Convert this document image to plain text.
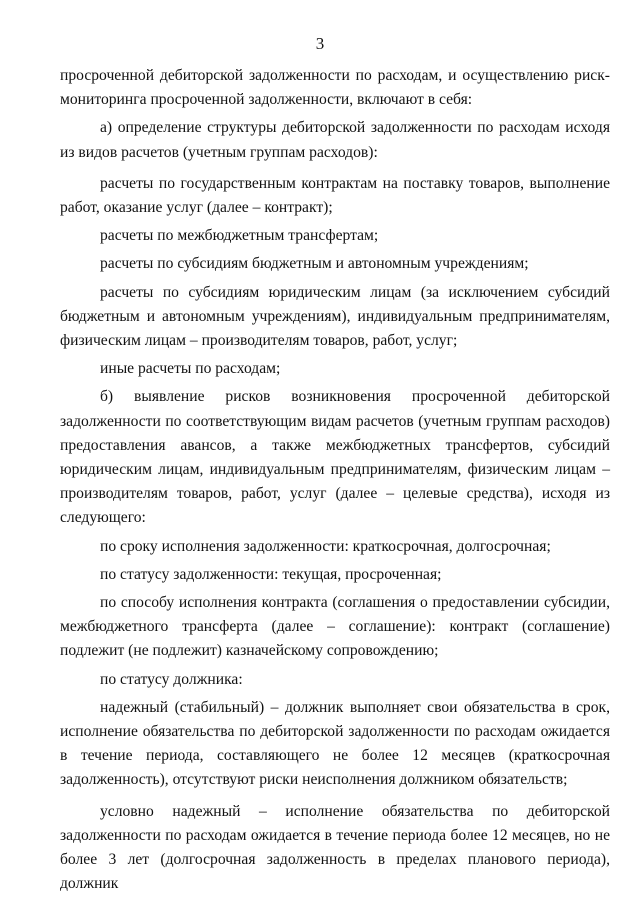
3

просроченной дебиторской задолженности по расходам, и осуществлению риск-мониторинга просроченной задолженности, включают в себя:

а) определение структуры дебиторской задолженности по расходам исходя из видов расчетов (учетным группам расходов):

расчеты по государственным контрактам на поставку товаров, выполнение работ, оказание услуг (далее – контракт);

расчеты по межбюджетным трансфертам;

расчеты по субсидиям бюджетным и автономным учреждениям;

расчеты по субсидиям юридическим лицам (за исключением субсидий бюджетным и автономным учреждениям), индивидуальным предпринимателям, физическим лицам – производителям товаров, работ, услуг;

иные расчеты по расходам;

б) выявление рисков возникновения просроченной дебиторской задолженности по соответствующим видам расчетов (учетным группам расходов) предоставления авансов, а также межбюджетных трансфертов, субсидий юридическим лицам, индивидуальным предпринимателям, физическим лицам – производителям товаров, работ, услуг (далее – целевые средства), исходя из следующего:

по сроку исполнения задолженности: краткосрочная, долгосрочная;

по статусу задолженности: текущая, просроченная;

по способу исполнения контракта (соглашения о предоставлении субсидии, межбюджетного трансферта (далее – соглашение): контракт (соглашение) подлежит (не подлежит) казначейскому сопровождению;

по статусу должника:

надежный (стабильный) – должник выполняет свои обязательства в срок, исполнение обязательства по дебиторской задолженности по расходам ожидается в течение периода, составляющего не более 12 месяцев (краткосрочная задолженность), отсутствуют риски неисполнения должником обязательств;

условно надежный – исполнение обязательства по дебиторской задолженности по расходам ожидается в течение периода более 12 месяцев, но не более 3 лет (долгосрочная задолженность в пределах планового периода), должник
